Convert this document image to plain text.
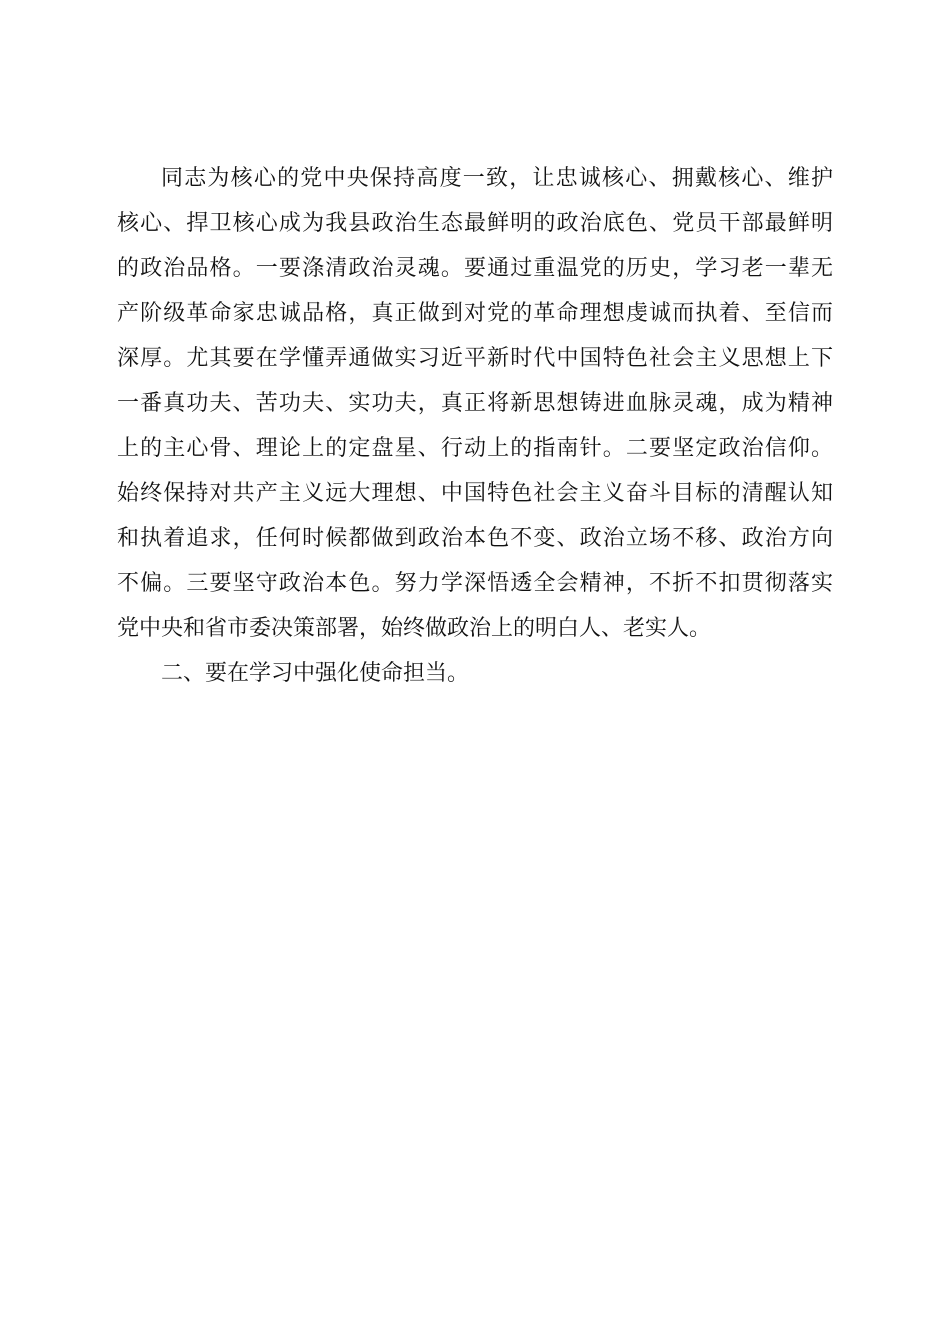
同志为核心的党中央保持高度一致，让忠诚核心、拥戴核心、维护
核心、捍卫核心成为我县政治生态最鲜明的政治底色、党员干部最鲜明
的政治品格。一要涤清政治灵魂。要通过重温党的历史，学习老一辈无
产阶级革命家忠诚品格，真正做到对党的革命理想虔诚而执着、至信而
深厚。尤其要在学懂弄通做实习近平新时代中国特色社会主义思想上下
一番真功夫、苦功夫、实功夫，真正将新思想铸进血脉灵魂，成为精神
上的主心骨、理论上的定盘星、行动上的指南针。二要坚定政治信仰。
始终保持对共产主义远大理想、中国特色社会主义奋斗目标的清醒认知
和执着追求，任何时候都做到政治本色不变、政治立场不移、政治方向
不偏。三要坚守政治本色。努力学深悟透全会精神，不折不扣贯彻落实
党中央和省市委决策部署，始终做政治上的明白人、老实人。
二、要在学习中强化使命担当。
